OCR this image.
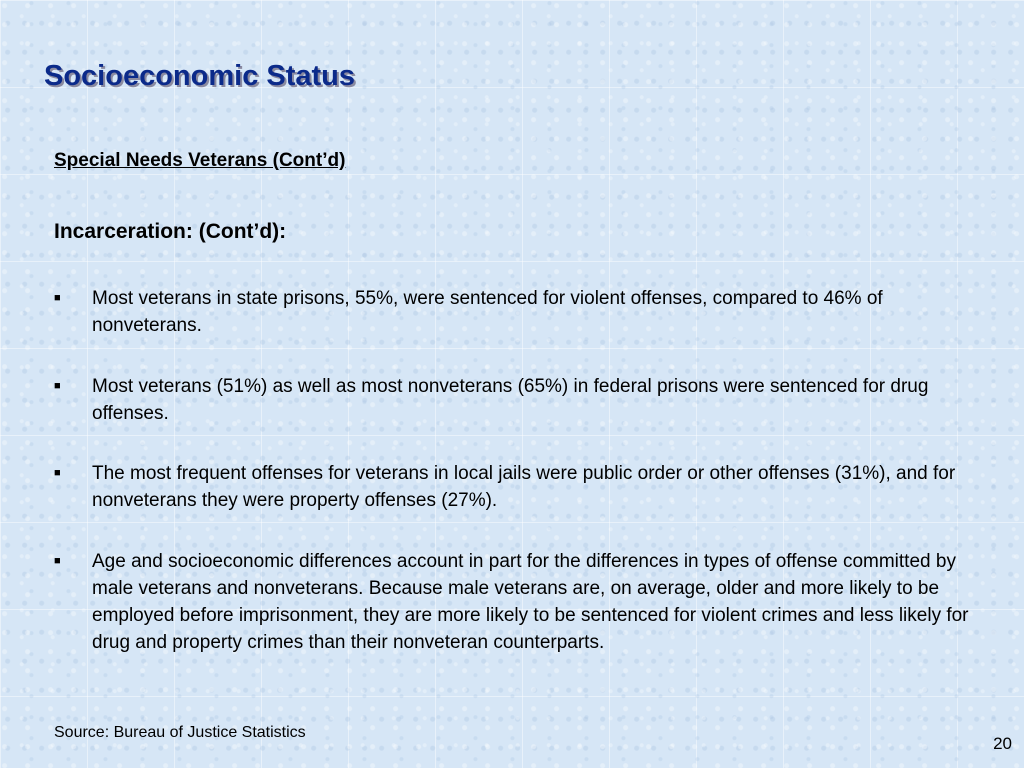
Socioeconomic Status
Special Needs Veterans (Cont’d)
Incarceration: (Cont’d):
■	Most veterans in state prisons, 55%, were sentenced for violent offenses, compared to 46% of nonveterans.
■	Most veterans (51%) as well as most nonveterans (65%) in federal prisons were sentenced for drug offenses.
■	The most frequent offenses for veterans in local jails were public order or other offenses (31%), and for nonveterans they were property offenses (27%).
■	Age and socioeconomic differences account in part for the differences in types of offense committed by male veterans and nonveterans. Because male veterans are, on average, older and more likely to be employed before imprisonment, they are more likely to be sentenced for violent crimes and less likely for drug and property crimes than their nonveteran counterparts.

Source: Bureau of Justice Statistics

20
